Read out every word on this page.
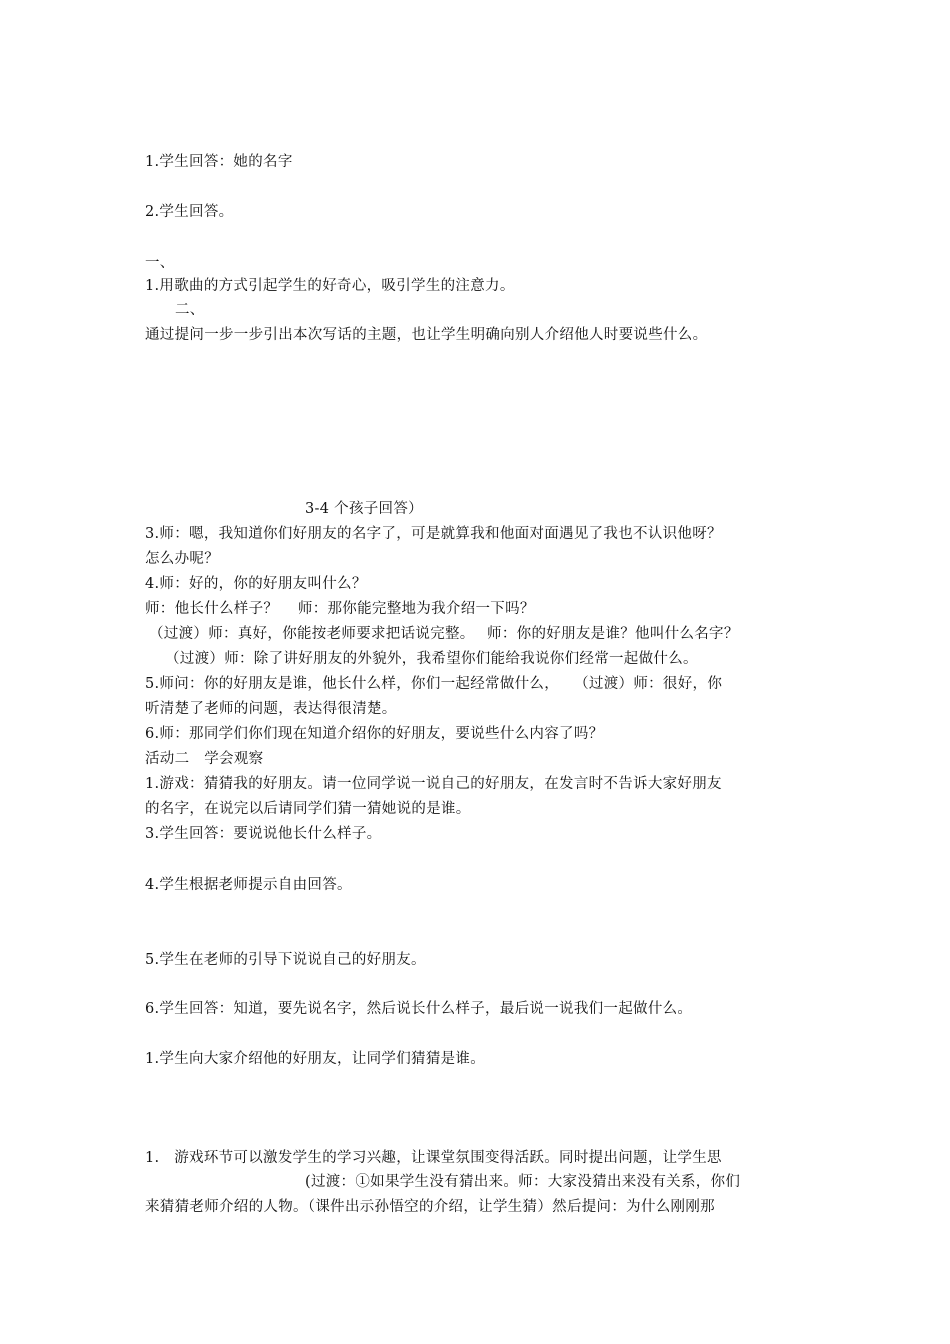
1.学生回答：她的名字
2.学生回答。
一、
1.用歌曲的方式引起学生的好奇心，吸引学生的注意力。
二、
通过提问一步一步引出本次写话的主题，也让学生明确向别人介绍他人时要说些什么。
3-4 个孩子回答）
3.师：嗯，我知道你们好朋友的名字了，可是就算我和他面对面遇见了我也不认识他呀？
怎么办呢？
4.师：好的，你的好朋友叫什么？
师：他长什么样子？　 师：那你能完整地为我介绍一下吗？
（过渡）师：真好，你能按老师要求把话说完整。　 师：你的好朋友是谁？他叫什么名字？
（过渡）师：除了讲好朋友的外貌外，我希望你们能给我说你们经常一起做什么。
5.师问：你的好朋友是谁，他长什么样，你们一起经常做什么，　　（过渡）师：很好，你
听清楚了老师的问题，表达得很清楚。
6.师：那同学们你们现在知道介绍你的好朋友，要说些什么内容了吗？
活动二　学会观察
1.游戏：猜猜我的好朋友。请一位同学说一说自己的好朋友，在发言时不告诉大家好朋友
的名字，在说完以后请同学们猜一猜她说的是谁。
3.学生回答：要说说他长什么样子。
4.学生根据老师提示自由回答。
5.学生在老师的引导下说说自己的好朋友。
6.学生回答：知道，要先说名字，然后说长什么样子，最后说一说我们一起做什么。
1.学生向大家介绍他的好朋友，让同学们猜猜是谁。
1.　游戏环节可以激发学生的学习兴趣，让课堂氛围变得活跃。同时提出问题，让学生思
(过渡：①如果学生没有猜出来。师：大家没猜出来没有关系，你们
来猜猜老师介绍的人物。（课件出示孙悟空的介绍，让学生猜）然后提问：为什么刚刚那
